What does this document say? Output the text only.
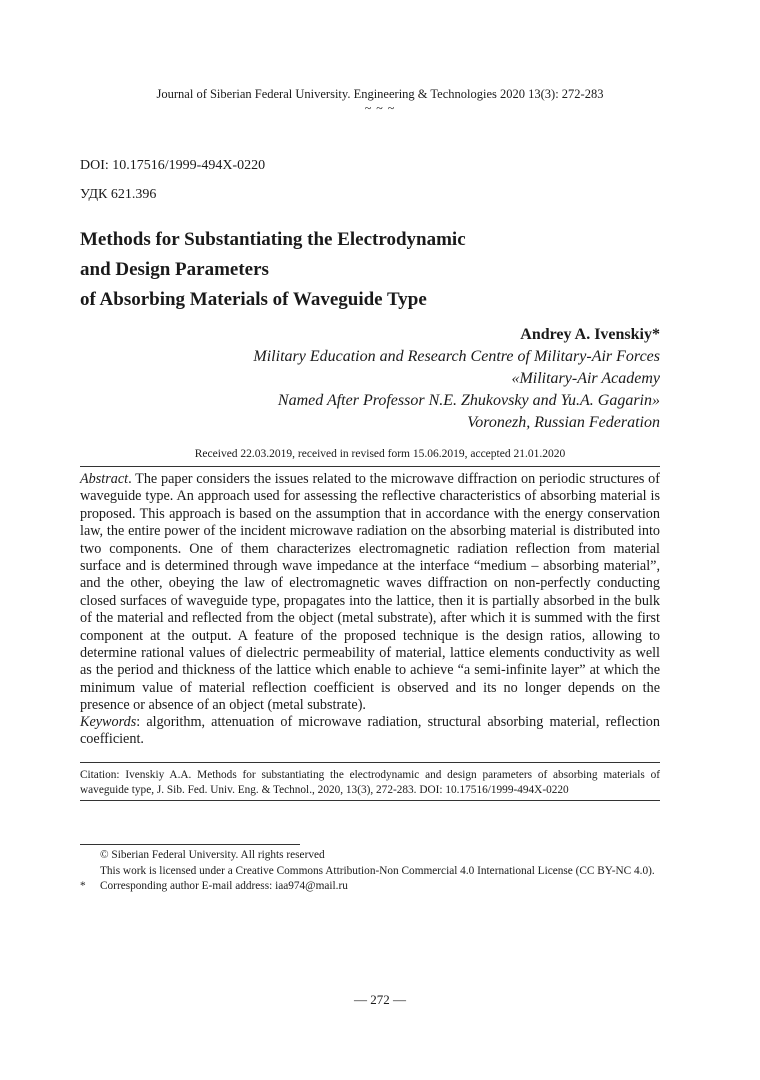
Journal of Siberian Federal University. Engineering & Technologies 2020 13(3): 272-283
~ ~ ~
DOI: 10.17516/1999-494X-0220
УДК 621.396
Methods for Substantiating the Electrodynamic
and Design Parameters
of Absorbing Materials of Waveguide Type
Andrey A. Ivenskiy*
Military Education and Research Centre of Military-Air Forces
«Military-Air Academy
Named After Professor N.E. Zhukovsky and Yu.A. Gagarin»
Voronezh, Russian Federation
Received 22.03.2019, received in revised form 15.06.2019, accepted 21.01.2020

Abstract. The paper considers the issues related to the microwave diffraction on periodic structures of waveguide type. An approach used for assessing the reflective characteristics of absorbing material is proposed. This approach is based on the assumption that in accordance with the energy conservation law, the entire power of the incident microwave radiation on the absorbing material is distributed into two components. One of them characterizes electromagnetic radiation reflection from material surface and is determined through wave impedance at the interface “medium – absorbing material”, and the other, obeying the law of electromagnetic waves diffraction on non-perfectly conducting closed surfaces of waveguide type, propagates into the lattice, then it is partially absorbed in the bulk of the material and reflected from the object (metal substrate), after which it is summed with the first component at the output. A feature of the proposed technique is the design ratios, allowing to determine rational values of dielectric permeability of material, lattice elements conductivity as well as the period and thickness of the lattice which enable to achieve “a semi-infinite layer” at which the minimum value of material reflection coefficient is observed and its no longer depends on the presence or absence of an object (metal substrate).

Keywords: algorithm, attenuation of microwave radiation, structural absorbing material, reflection coefficient.

Citation: Ivenskiy A.A. Methods for substantiating the electrodynamic and design parameters of absorbing materials of waveguide type, J. Sib. Fed. Univ. Eng. & Technol., 2020, 13(3), 272-283. DOI: 10.17516/1999-494X-0220

© Siberian Federal University. All rights reserved
This work is licensed under a Creative Commons Attribution-Non Commercial 4.0 International License (CC BY-NC 4.0).
*	Corresponding author E-mail address: iaa974@mail.ru
— 272 —
